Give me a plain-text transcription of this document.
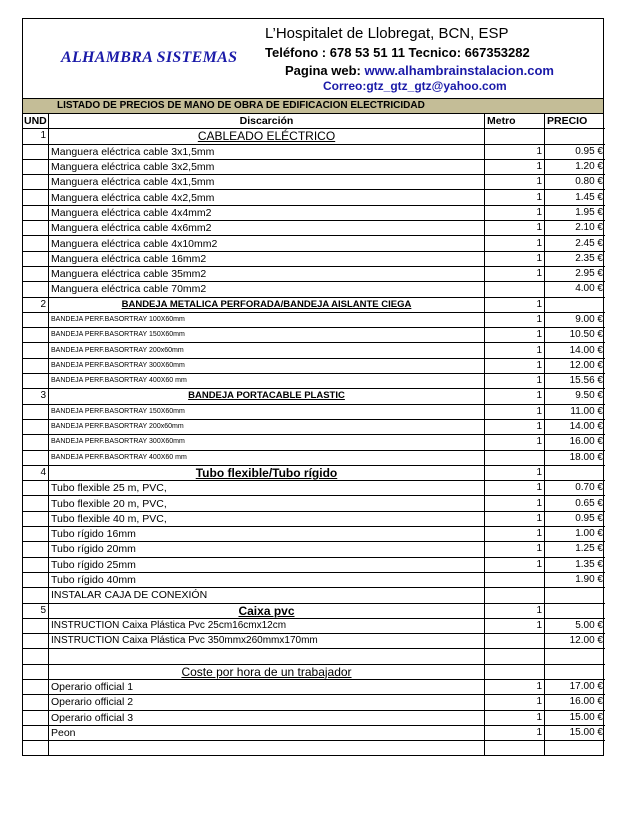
ALHAMBRA SISTEMAS
L’Hospitalet de Llobregat, BCN, ESP
Teléfono : 678 53 51 11 Tecnico: 667353282
Pagina web: www.alhambrainstalacion.com
Correo:gtz_gtz_gtz@yahoo.com
LISTADO DE PRECIOS DE MANO DE OBRA DE EDIFICACION ELECTRICIDAD
UND	Discarción	Metro	PRECIO
1	CABLEADO ELÉCTRICO		
	Manguera eléctrica cable 3x1,5mm	1	0.95 €
	Manguera eléctrica cable 3x2,5mm	1	1.20 €
	Manguera eléctrica cable 4x1,5mm	1	0.80 €
	Manguera eléctrica cable 4x2,5mm	1	1.45 €
	Manguera eléctrica cable 4x4mm2	1	1.95 €
	Manguera eléctrica cable 4x6mm2	1	2.10 €
	Manguera eléctrica cable 4x10mm2	1	2.45 €
	Manguera eléctrica cable 16mm2	1	2.35 €
	Manguera eléctrica cable 35mm2	1	2.95 €
	Manguera eléctrica cable 70mm2		4.00 €
2	BANDEJA METALICA PERFORADA/BANDEJA AISLANTE CIEGA	1	
	BANDEJA PERF.BASORTRAY 100X60mm	1	9.00 €
	BANDEJA PERF.BASORTRAY 150X60mm	1	10.50 €
	BANDEJA PERF.BASORTRAY 200x60mm	1	14.00 €
	BANDEJA PERF.BASORTRAY 300X60mm	1	12.00 €
	BANDEJA PERF.BASORTRAY 400X60 mm	1	15.56 €
3	BANDEJA PORTACABLE PLASTIC	1	9.50 €
	BANDEJA PERF.BASORTRAY 150X60mm	1	11.00 €
	BANDEJA PERF.BASORTRAY 200x60mm	1	14.00 €
	BANDEJA PERF.BASORTRAY 300X60mm	1	16.00 €
	BANDEJA PERF.BASORTRAY 400X60 mm		18.00 €
4	Tubo flexible/Tubo rígido	1	
	Tubo flexible 25 m, PVC,	1	0.70 €
	Tubo flexible 20 m, PVC,	1	0.65 €
	Tubo flexible 40 m, PVC,	1	0.95 €
	Tubo rígido 16mm	1	1.00 €
	Tubo rígido 20mm	1	1.25 €
	Tubo rígido 25mm	1	1.35 €
	Tubo rígido 40mm		1.90 €
	INSTALAR CAJA DE CONEXIÓN		
5	Caixa pvc	1	
	INSTRUCTION Caixa Plástica Pvc 25cm16cmx12cm	1	5.00 €
	INSTRUCTION Caixa Plástica Pvc 350mmx260mmx170mm		12.00 €

	Coste por hora de un trabajador		
	Operario official 1	1	17.00 €
	Operario official 2	1	16.00 €
	Operario official 3	1	15.00 €
	Peon	1	15.00 €
